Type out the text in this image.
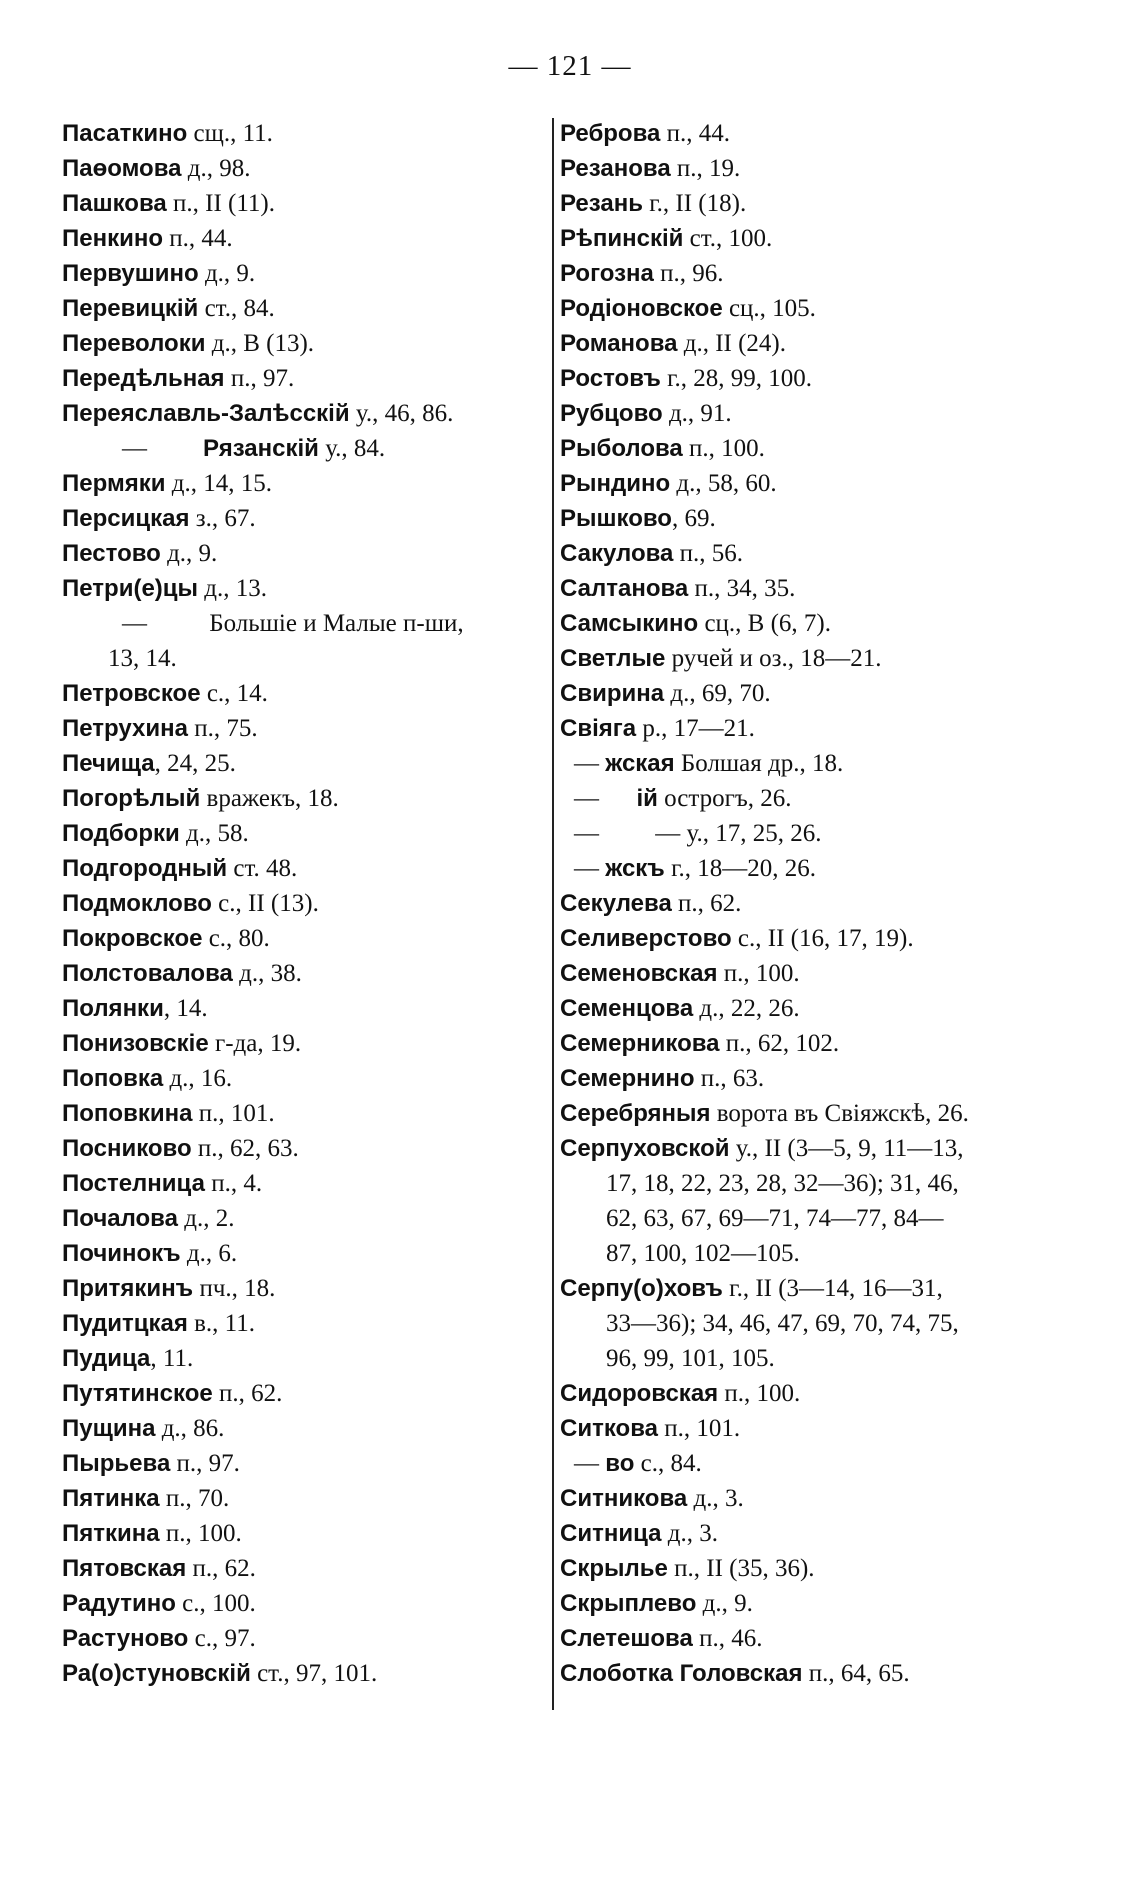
— 121 —
Пасаткино сщ., 11.
Паөомова д., 98.
Пашкова п., II (11).
Пенкино п., 44.
Первушино д., 9.
Перевицкій ст., 84.
Переволоки д., В (13).
Передѣльная п., 97.
Переяславль-Залѣсскій у., 46, 86.
— Рязанскій у., 84.
Пермяки д., 14, 15.
Персицкая з., 67.
Пестово д., 9.
Петри(е)цы д., 13.
— Большіе и Малые п-ши,
13, 14.
Петровское с., 14.
Петрухина п., 75.
Печища, 24, 25.
Погорѣлый вражекъ, 18.
Подборки д., 58.
Подгородный ст. 48.
Подмоклово с., II (13).
Покровское с., 80.
Полстовалова д., 38.
Полянки, 14.
Понизовскіе г-да, 19.
Поповка д., 16.
Поповкина п., 101.
Посниково п., 62, 63.
Постелница п., 4.
Почалова д., 2.
Починокъ д., 6.
Притякинъ пч., 18.
Пудитцкая в., 11.
Пудица, 11.
Путятинское п., 62.
Пущина д., 86.
Пырьева п., 97.
Пятинка п., 70.
Пяткина п., 100.
Пятовская п., 62.
Радутино с., 100.
Растуново с., 97.
Ра(о)стуновскій ст., 97, 101.
Реброва п., 44.
Резанова п., 19.
Резань г., II (18).
Рѣпинскій ст., 100.
Рогозна п., 96.
Родіоновское сц., 105.
Романова д., II (24).
Ростовъ г., 28, 99, 100.
Рубцово д., 91.
Рыболова п., 100.
Рындино д., 58, 60.
Рышково, 69.
Сакулова п., 56.
Салтанова п., 34, 35.
Самсыкино сц., В (6, 7).
Светлые ручей и оз., 18—21.
Свирина д., 69, 70.
Свіяга р., 17—21.
— жская Болшая др., 18.
—      ій острогъ, 26.
—         — у., 17, 25, 26.
— жскъ г., 18—20, 26.
Секулева п., 62.
Селиверстово с., II (16, 17, 19).
Семеновская п., 100.
Семенцова д., 22, 26.
Семерникова п., 62, 102.
Семернино п., 63.
Серебряныя ворота въ Свіяжскѣ, 26.
Серпуховской у., II (3—5, 9, 11—13,
17, 18, 22, 23, 28, 32—36); 31, 46,
62, 63, 67, 69—71, 74—77, 84—
87, 100, 102—105.
Серпу(о)ховъ г., II (3—14, 16—31,
33—36); 34, 46, 47, 69, 70, 74, 75,
96, 99, 101, 105.
Сидоровская п., 100.
Ситкова п., 101.
— во с., 84.
Ситникова д., 3.
Ситница д., 3.
Скрылье п., II (35, 36).
Скрыплево д., 9.
Слетешова п., 46.
Слоботка Головская п., 64, 65.
